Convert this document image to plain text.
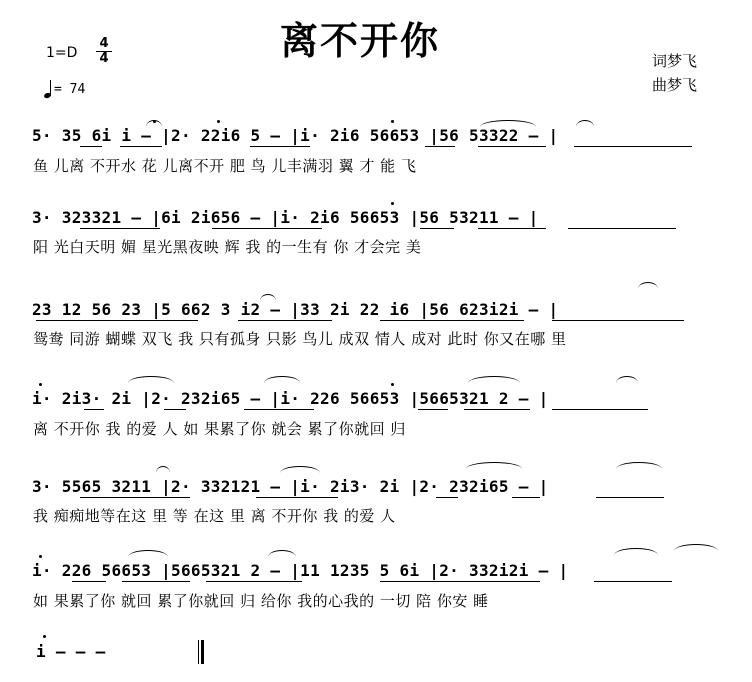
离不开你
1=D
4
4
= 74
词梦飞
曲梦飞
5· 35 6i i – |2· 22i6 5 – |i· 2i6 56653 |56 53322 – |
鱼 儿离 不开水 花 儿离不开 肥 鸟 儿丰满羽 翼 才 能 飞
3· 323321 – |6i 2i656 – |i· 2i6 56653 |56 53211 – |
阳 光白天明 媚 星光黑夜映 辉 我 的一生有 你 才会完 美
23 12 56 23 |5 662 3 i2 – |33 2i 22 i6 |56 623i2i – |
鸳鸯 同游 蝴蝶 双飞 我 只有孤身 只影 鸟儿 成双 情人 成对 此时 你又在哪 里
i· 2i3· 2i |2· 232i65 – |i· 226 56653 |5665321 2 – |
离 不开你 我 的爱 人 如 果累了你 就会 累了你就回 归
3· 5565 3211 |2· 332121 – |i· 2i3· 2i |2· 232i65 – |
我 痴痴地等在这 里 等 在这 里 离 不开你 我 的爱 人
i· 226 56653 |5665321 2 – |11 1235 5 6i |2· 332i2i – |
如 果累了你 就回 累了你就回 归 给你 我的心我的 一切 陪 你安 睡
i – – –
